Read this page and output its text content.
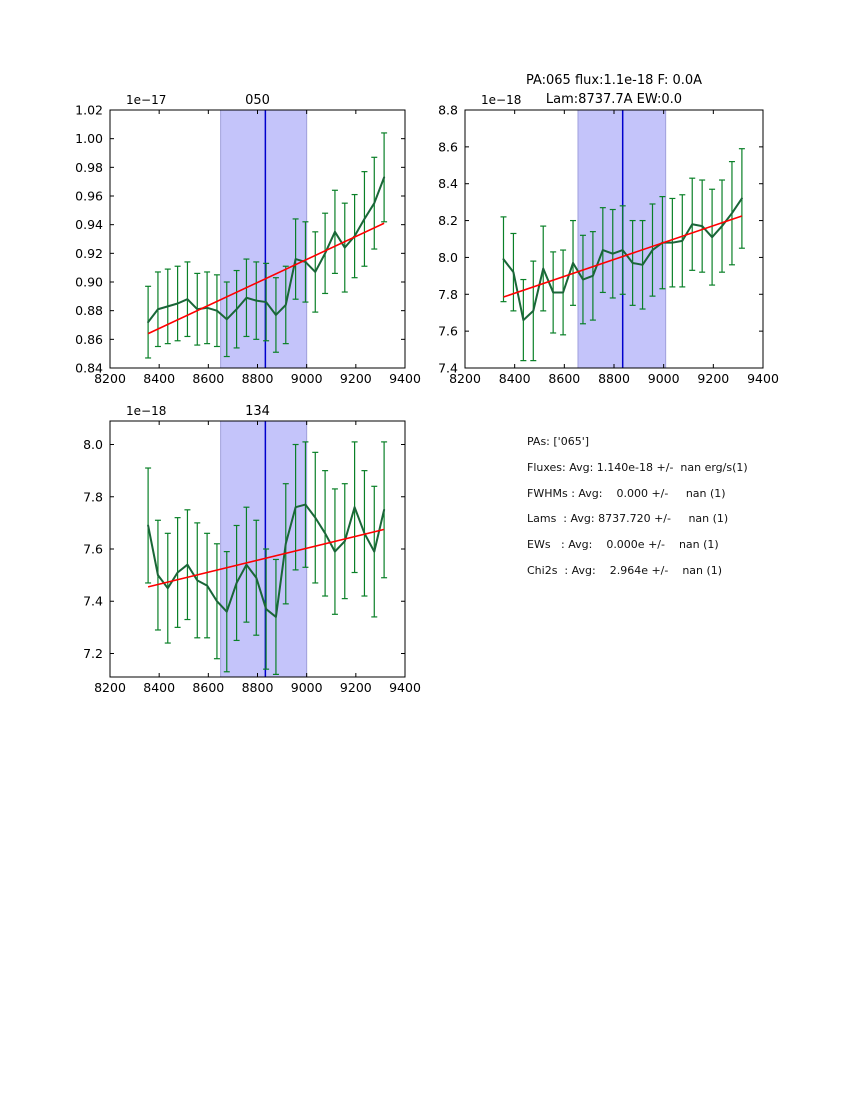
8200 8400 8600 8800 9000 9200 9400
0.84
0.86
0.88
0.90
0.92
0.94
0.96
0.98
1.00
1.02
1e−17	050
8200 8400 8600 8800 9000 9200 9400
7.4
7.6
7.8
8.0
8.2
8.4
8.6
8.8
1e−18
PA:065 flux:1.1e-18 F: 0.0A
Lam:8737.7A EW:0.0
8200 8400 8600 8800 9000 9200 9400
7.2
7.4
7.6
7.8
8.0
1e−18	134
PAs: ['065']
Fluxes: Avg: 1.140e-18 +/-  nan erg/s(1)
FWHMs : Avg:    0.000 +/-     nan (1)
Lams  : Avg: 8737.720 +/-     nan (1)
EWs   : Avg:    0.000e +/-    nan (1)
Chi2s  : Avg:    2.964e +/-    nan (1)
